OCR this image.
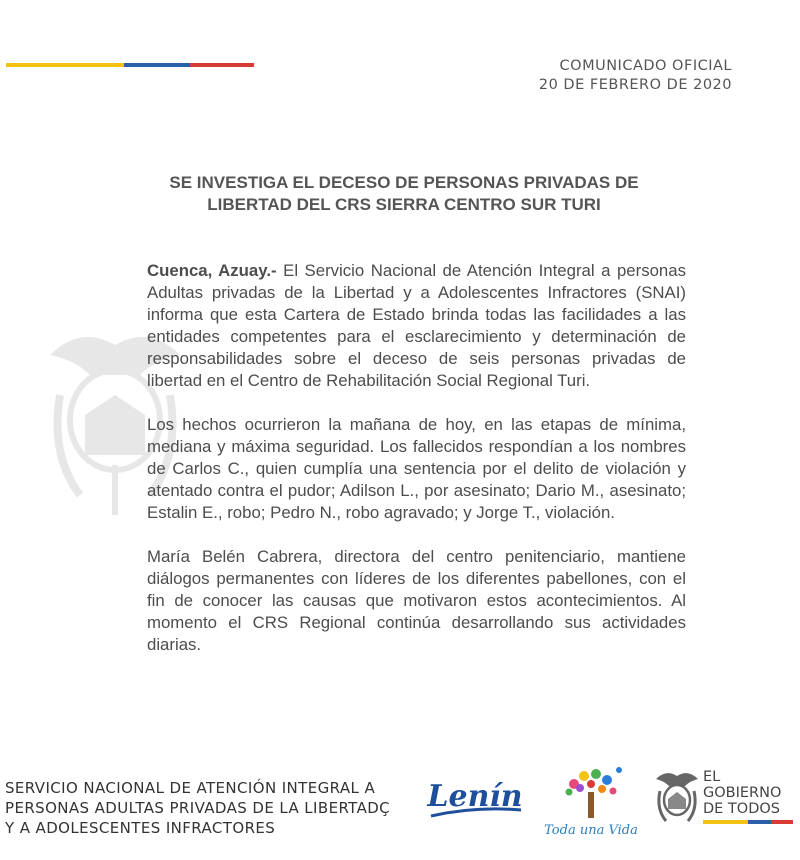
COMUNICADO OFICIAL
20 DE FEBRERO DE 2020
SE INVESTIGA EL DECESO DE PERSONAS PRIVADAS DE
LIBERTAD DEL CRS SIERRA CENTRO SUR TURI

Cuenca, Azuay.- El Servicio Nacional de Atención Integral a personas Adultas privadas de la Libertad y a Adolescentes Infractores (SNAI) informa que esta Cartera de Estado brinda todas las facilidades a las entidades competentes para el esclarecimiento y determinación de responsabilidades sobre el deceso de seis personas privadas de libertad en el Centro de Rehabilitación Social Regional Turi.

Los hechos ocurrieron la mañana de hoy, en las etapas de mínima, mediana y máxima seguridad. Los fallecidos respondían a los nombres de Carlos C., quien cumplía una sentencia por el delito de violación y atentado contra el pudor; Adilson L., por asesinato; Dario M., asesinato; Estalin E., robo; Pedro N., robo agravado; y Jorge T., violación.

María Belén Cabrera, directora del centro penitenciario, mantiene diálogos permanentes con líderes de los diferentes pabellones, con el fin de conocer las causas que motivaron estos acontecimientos. Al momento el CRS Regional continúa desarrollando sus actividades diarias.

SERVICIO NACIONAL DE ATENCIÓN INTEGRAL A
PERSONAS ADULTAS PRIVADAS DE LA LIBERTADÇ
Y A ADOLESCENTES INFRACTORES
Lenín
Toda una Vida
EL
GOBIERNO
DE TODOS
